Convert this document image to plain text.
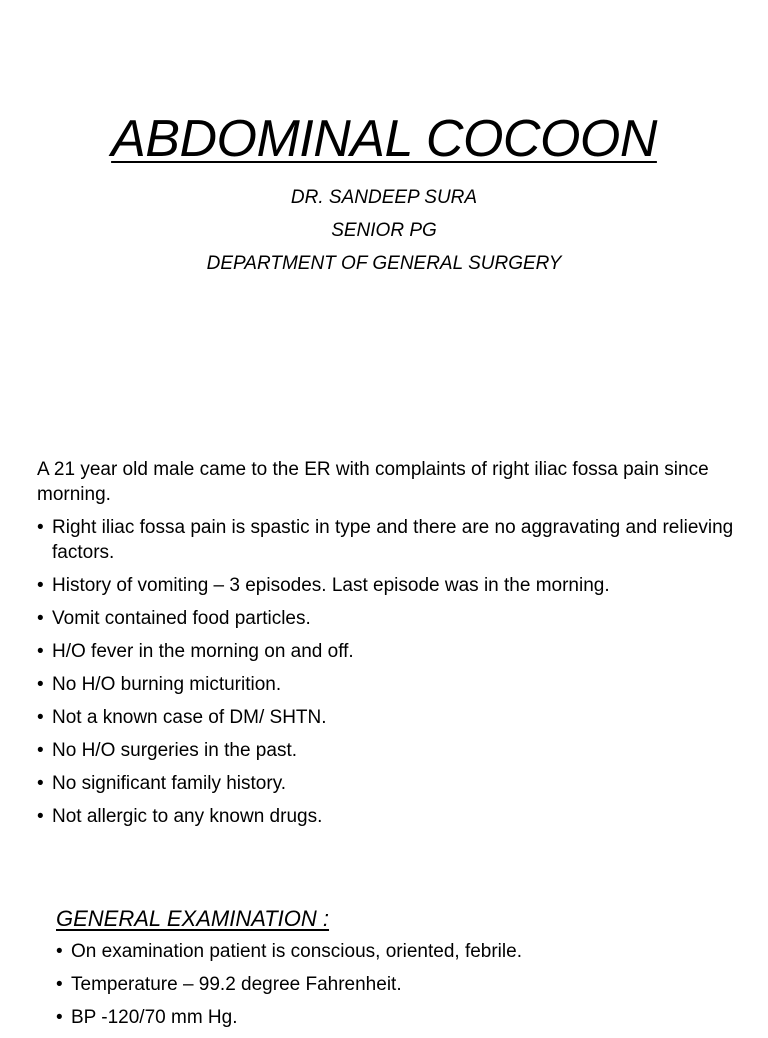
ABDOMINAL COCOON
DR. SANDEEP SURA
SENIOR PG
DEPARTMENT OF GENERAL SURGERY
A 21 year old male came to the ER with complaints of right iliac fossa pain since morning.
• Right iliac fossa pain is spastic in type and there are no aggravating and relieving factors.
• History of vomiting – 3 episodes. Last episode was in the morning.
• Vomit contained food particles.
• H/O fever in the morning on and off.
• No H/O burning micturition.
• Not a known case of DM/ SHTN.
• No H/O surgeries in the past.
• No significant family history.
• Not allergic to any known drugs.
GENERAL EXAMINATION :
• On examination patient is conscious, oriented, febrile.
• Temperature – 99.2 degree Fahrenheit.
• BP -120/70 mm Hg.
